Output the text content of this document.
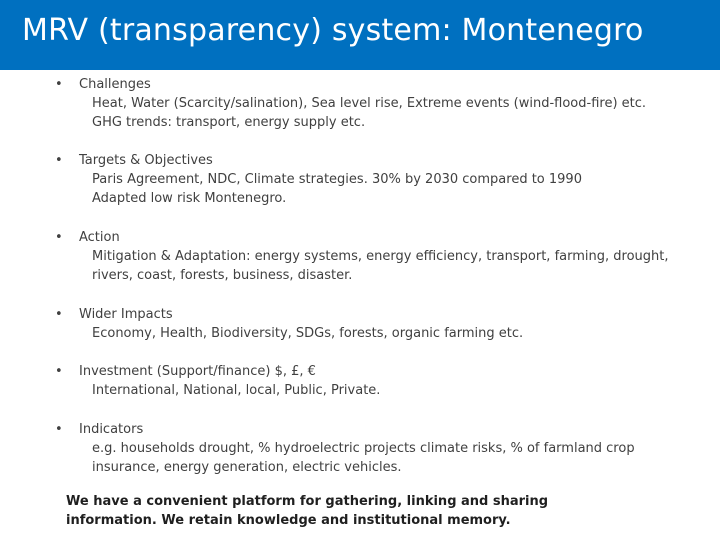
MRV (transparency) system: Montenegro
• Challenges
Heat, Water (Scarcity/salination), Sea level rise, Extreme events (wind-flood-fire) etc.
GHG trends: transport, energy supply etc.
• Targets & Objectives
Paris Agreement, NDC, Climate strategies. 30% by 2030 compared to 1990
Adapted low risk Montenegro.
• Action
Mitigation & Adaptation: energy systems, energy efficiency, transport, farming, drought,
rivers, coast, forests, business, disaster.
• Wider Impacts
Economy, Health, Biodiversity, SDGs, forests, organic farming etc.
• Investment (Support/finance) $, £, €
International, National, local, Public, Private.
• Indicators
e.g. households drought, % hydroelectric projects climate risks, % of farmland crop
insurance, energy generation, electric vehicles.
We have a convenient platform for gathering, linking and sharing
information. We retain knowledge and institutional memory.
